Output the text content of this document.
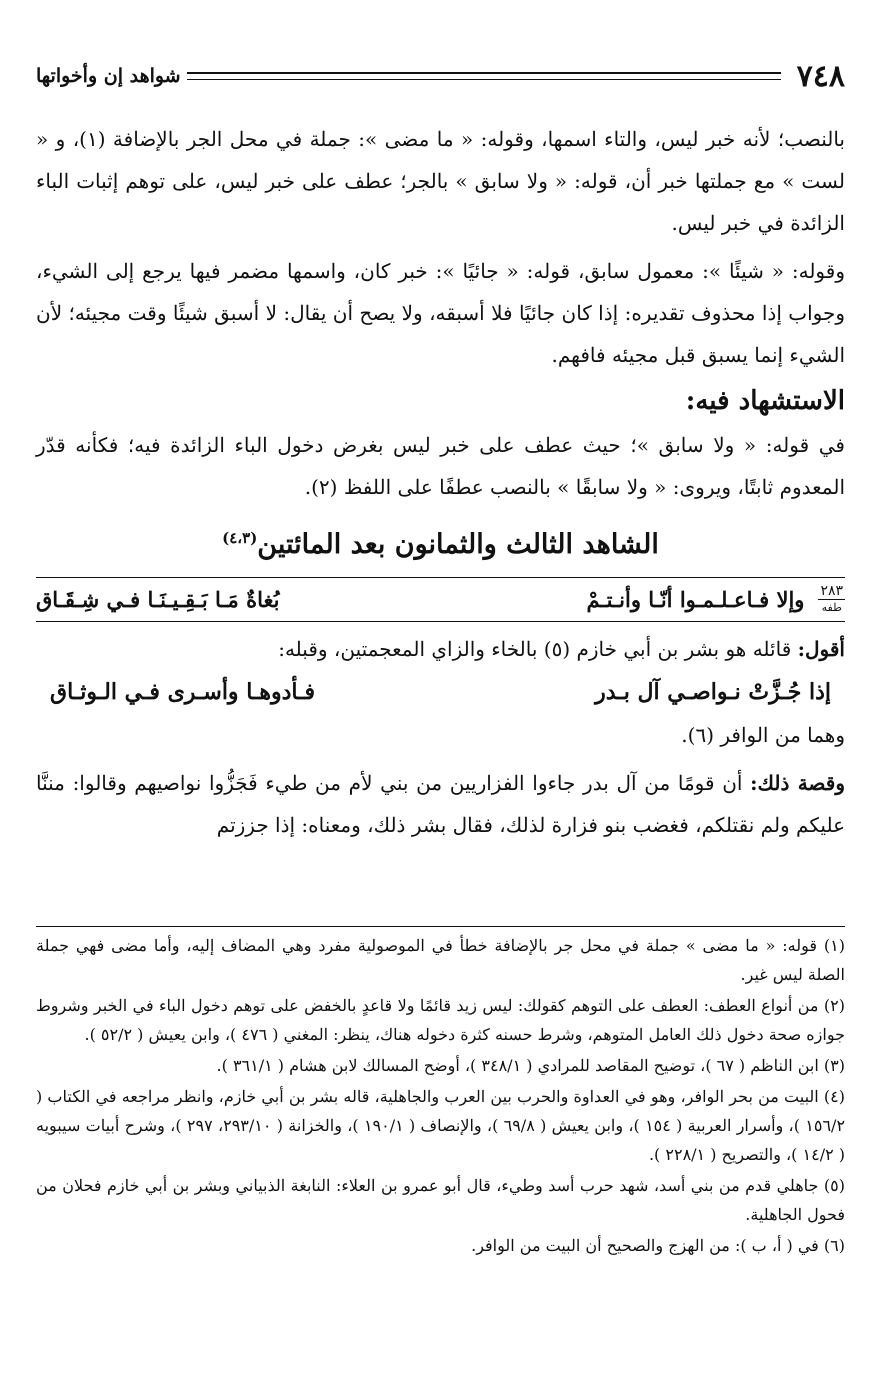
٧٤٨
شواهد إن وأخواتها

بالنصب؛ لأنه خبر ليس، والتاء اسمها، وقوله: « ما مضى »: جملة في محل الجر بالإضافة (١)، و « لست » مع جملتها خبر أن، قوله: « ولا سابق » بالجر؛ عطف على خبر ليس، على توهم إثبات الباء الزائدة في خبر ليس.

وقوله: « شيئًا »: معمول سابق، قوله: « جائيًا »: خبر كان، واسمها مضمر فيها يرجع إلى الشيء، وجواب إذا محذوف تقديره: إذا كان جائيًا فلا أسبقه، ولا يصح أن يقال: لا أسبق شيئًا وقت مجيئه؛ لأن الشيء إنما يسبق قبل مجيئه فافهم.

الاستشهاد فيه:

في قوله: « ولا سابق »؛ حيث عطف على خبر ليس بغرض دخول الباء الزائدة فيه؛ فكأنه قدّر المعدوم ثابتًا، ويروى: « ولا سابقًا » بالنصب عطفًا على اللفظ (٢).

الشاهد الثالث والثمانون بعد المائتين$^{(٤،٣)}$
٢٨٣
طفه
وإلا فـاعـلـمـوا أنّـا وأنـتـمْ
بُغاةٌ مَـا بَـقِـيـنَـا فـي شِـقَـاق

أقول: قائله هو بشر بن أبي خازم (٥) بالخاء والزاي المعجمتين، وقبله:

إذا جُـزَّتْ نـواصـي آل بـدر
فـأدوهـا وأسـرى فـي الـوثـاق

وهما من الوافر (٦).

وقصة ذلك: أن قومًا من آل بدر جاءوا الفزاريين من بني لأم من طيء فَجَزُّوا نواصيهم وقالوا: مننَّا عليكم ولم نقتلكم، فغضب بنو فزارة لذلك، فقال بشر ذلك، ومعناه: إذا جززتم

(١) قوله: « ما مضى » جملة في محل جر بالإضافة خطأ في الموصولية مفرد وهي المضاف إليه، وأما مضى فهي جملة الصلة ليس غير.

(٢) من أنواع العطف: العطف على التوهم كقولك: ليس زيد قائمًا ولا قاعدٍ بالخفض على توهم دخول الباء في الخبر وشروط جوازه صحة دخول ذلك العامل المتوهم، وشرط حسنه كثرة دخوله هناك، ينظر: المغني ( ٤٧٦ )، وابن يعيش ( ٥٢/٢ ).

(٣) ابن الناظم ( ٦٧ )، توضيح المقاصد للمرادي ( ٣٤٨/١ )، أوضح المسالك لابن هشام ( ٣٦١/١ ).

(٤) البيت من بحر الوافر، وهو في العداوة والحرب بين العرب والجاهلية، قاله بشر بن أبي خازم، وانظر مراجعه في الكتاب ( ١٥٦/٢ )، وأسرار العربية ( ١٥٤ )، وابن يعيش ( ٦٩/٨ )، والإنصاف ( ١٩٠/١ )، والخزانة ( ٢٩٣/١٠، ٢٩٧ )، وشرح أبيات سيبويه ( ١٤/٢ )، والتصريح ( ٢٢٨/١ ).

(٥) جاهلي قدم من بني أسد، شهد حرب أسد وطيء، قال أبو عمرو بن العلاء: النابغة الذبياني وبشر بن أبي خازم فحلان من فحول الجاهلية.

(٦) في ( أ، ب ): من الهزج والصحيح أن البيت من الوافر.
